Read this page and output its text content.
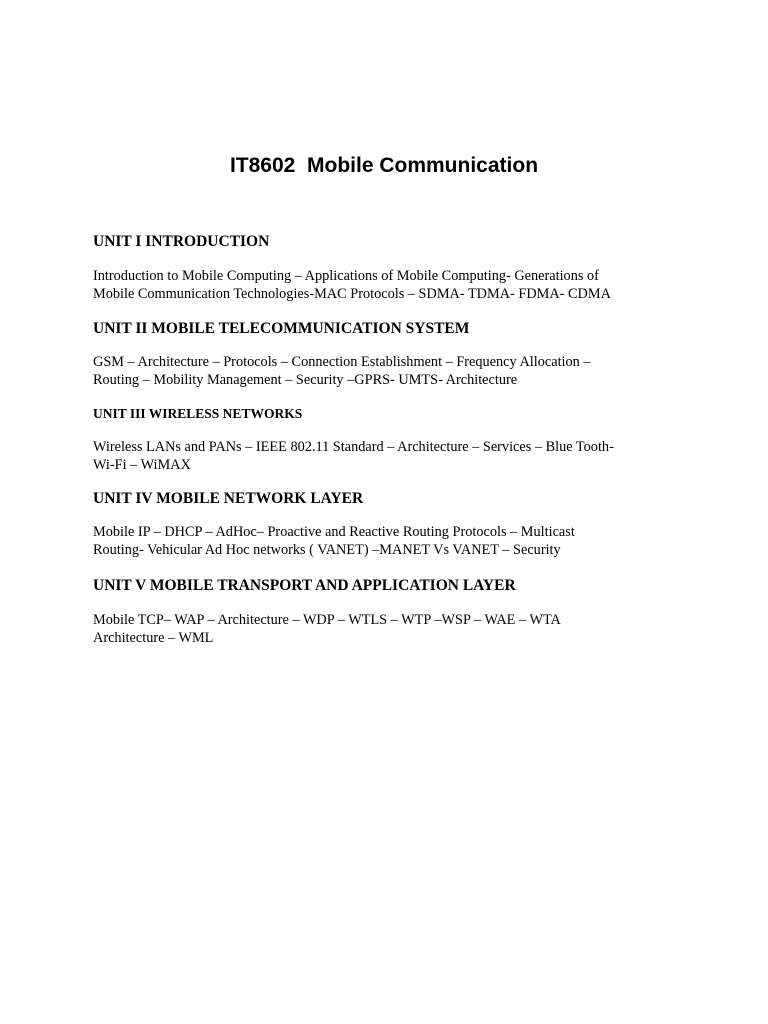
IT8602  Mobile Communication
UNIT I INTRODUCTION

Introduction to Mobile Computing – Applications of Mobile Computing- Generations of
Mobile Communication Technologies-MAC Protocols – SDMA- TDMA- FDMA- CDMA

UNIT II MOBILE TELECOMMUNICATION SYSTEM

GSM – Architecture – Protocols – Connection Establishment – Frequency Allocation –
Routing – Mobility Management – Security –GPRS- UMTS- Architecture

UNIT III WIRELESS NETWORKS

Wireless LANs and PANs – IEEE 802.11 Standard – Architecture – Services – Blue Tooth-
Wi-Fi – WiMAX

UNIT IV MOBILE NETWORK LAYER

Mobile IP – DHCP – AdHoc– Proactive and Reactive Routing Protocols – Multicast
Routing- Vehicular Ad Hoc networks ( VANET) –MANET Vs VANET – Security

UNIT V MOBILE TRANSPORT AND APPLICATION LAYER

Mobile TCP– WAP – Architecture – WDP – WTLS – WTP –WSP – WAE – WTA
Architecture – WML
